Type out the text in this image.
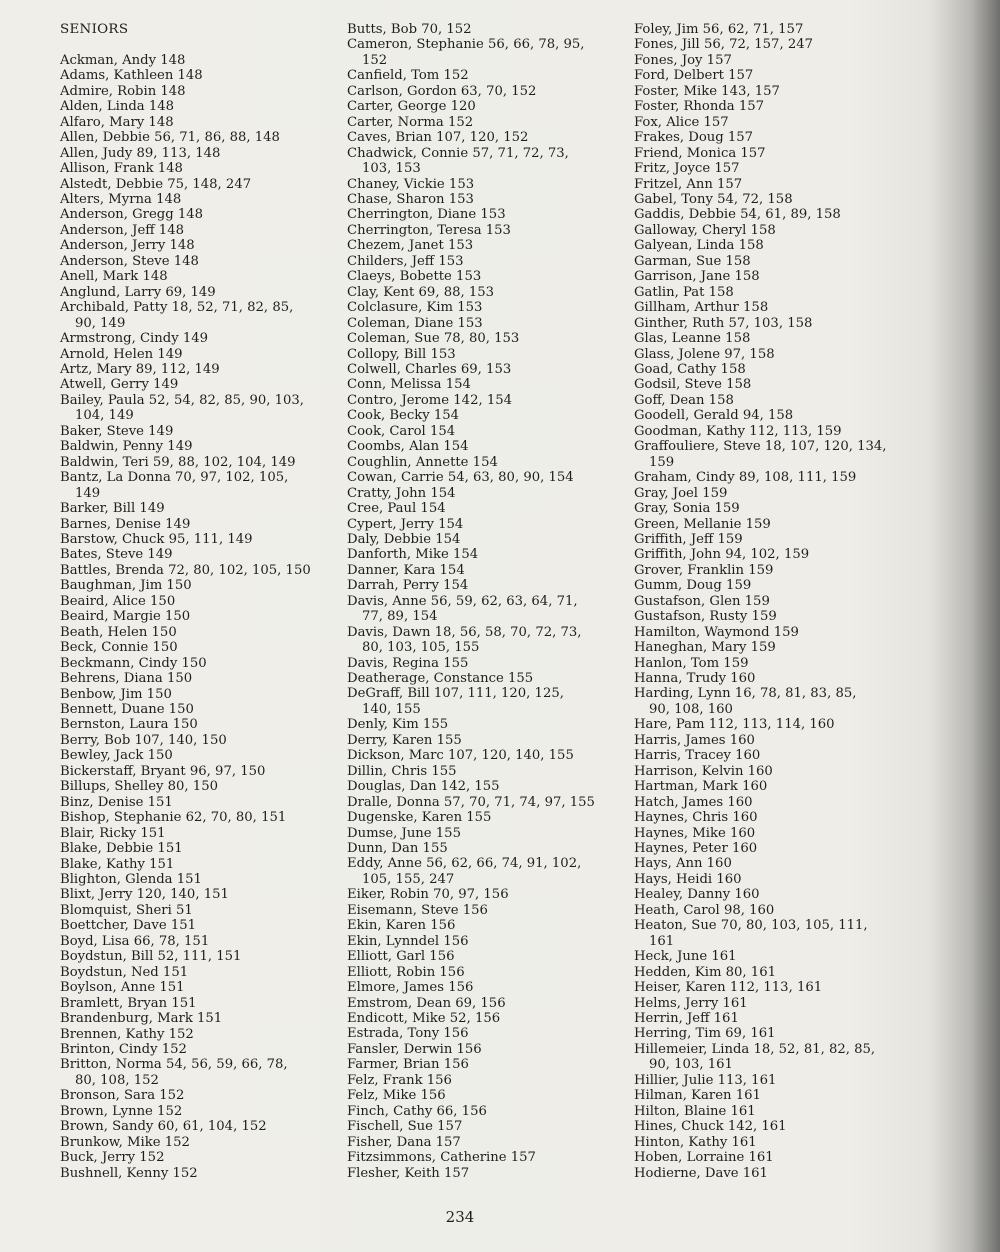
SENIORS
Ackman, Andy 148
Adams, Kathleen 148
Admire, Robin 148
Alden, Linda 148
Alfaro, Mary 148
Allen, Debbie 56, 71, 86, 88, 148
Allen, Judy 89, 113, 148
Allison, Frank 148
Alstedt, Debbie 75, 148, 247
Alters, Myrna 148
Anderson, Gregg 148
Anderson, Jeff 148
Anderson, Jerry 148
Anderson, Steve 148
Anell, Mark 148
Anglund, Larry 69, 149
Archibald, Patty 18, 52, 71, 82, 85,
90, 149
Armstrong, Cindy 149
Arnold, Helen 149
Artz, Mary 89, 112, 149
Atwell, Gerry 149
Bailey, Paula 52, 54, 82, 85, 90, 103,
104, 149
Baker, Steve 149
Baldwin, Penny 149
Baldwin, Teri 59, 88, 102, 104, 149
Bantz, La Donna 70, 97, 102, 105,
149
Barker, Bill 149
Barnes, Denise 149
Barstow, Chuck 95, 111, 149
Bates, Steve 149
Battles, Brenda 72, 80, 102, 105, 150
Baughman, Jim 150
Beaird, Alice 150
Beaird, Margie 150
Beath, Helen 150
Beck, Connie 150
Beckmann, Cindy 150
Behrens, Diana 150
Benbow, Jim 150
Bennett, Duane 150
Bernston, Laura 150
Berry, Bob 107, 140, 150
Bewley, Jack 150
Bickerstaff, Bryant 96, 97, 150
Billups, Shelley 80, 150
Binz, Denise 151
Bishop, Stephanie 62, 70, 80, 151
Blair, Ricky 151
Blake, Debbie 151
Blake, Kathy 151
Blighton, Glenda 151
Blixt, Jerry 120, 140, 151
Blomquist, Sheri 51
Boettcher, Dave 151
Boyd, Lisa 66, 78, 151
Boydstun, Bill 52, 111, 151
Boydstun, Ned 151
Boylson, Anne 151
Bramlett, Bryan 151
Brandenburg, Mark 151
Brennen, Kathy 152
Brinton, Cindy 152
Britton, Norma 54, 56, 59, 66, 78,
80, 108, 152
Bronson, Sara 152
Brown, Lynne 152
Brown, Sandy 60, 61, 104, 152
Brunkow, Mike 152
Buck, Jerry 152
Bushnell, Kenny 152
Butts, Bob 70, 152
Cameron, Stephanie 56, 66, 78, 95,
152
Canfield, Tom 152
Carlson, Gordon 63, 70, 152
Carter, George 120
Carter, Norma 152
Caves, Brian 107, 120, 152
Chadwick, Connie 57, 71, 72, 73,
103, 153
Chaney, Vickie 153
Chase, Sharon 153
Cherrington, Diane 153
Cherrington, Teresa 153
Chezem, Janet 153
Childers, Jeff 153
Claeys, Bobette 153
Clay, Kent 69, 88, 153
Colclasure, Kim 153
Coleman, Diane 153
Coleman, Sue 78, 80, 153
Collopy, Bill 153
Colwell, Charles 69, 153
Conn, Melissa 154
Contro, Jerome 142, 154
Cook, Becky 154
Cook, Carol 154
Coombs, Alan 154
Coughlin, Annette 154
Cowan, Carrie 54, 63, 80, 90, 154
Cratty, John 154
Cree, Paul 154
Cypert, Jerry 154
Daly, Debbie 154
Danforth, Mike 154
Danner, Kara 154
Darrah, Perry 154
Davis, Anne 56, 59, 62, 63, 64, 71,
77, 89, 154
Davis, Dawn 18, 56, 58, 70, 72, 73,
80, 103, 105, 155
Davis, Regina 155
Deatherage, Constance 155
DeGraff, Bill 107, 111, 120, 125,
140, 155
Denly, Kim 155
Derry, Karen 155
Dickson, Marc 107, 120, 140, 155
Dillin, Chris 155
Douglas, Dan 142, 155
Dralle, Donna 57, 70, 71, 74, 97, 155
Dugenske, Karen 155
Dumse, June 155
Dunn, Dan 155
Eddy, Anne 56, 62, 66, 74, 91, 102,
105, 155, 247
Eiker, Robin 70, 97, 156
Eisemann, Steve 156
Ekin, Karen 156
Ekin, Lynndel 156
Elliott, Garl 156
Elliott, Robin 156
Elmore, James 156
Emstrom, Dean 69, 156
Endicott, Mike 52, 156
Estrada, Tony 156
Fansler, Derwin 156
Farmer, Brian 156
Felz, Frank 156
Felz, Mike 156
Finch, Cathy 66, 156
Fischell, Sue 157
Fisher, Dana 157
Fitzsimmons, Catherine 157
Flesher, Keith 157
Foley, Jim 56, 62, 71, 157
Fones, Jill 56, 72, 157, 247
Fones, Joy 157
Ford, Delbert 157
Foster, Mike 143, 157
Foster, Rhonda 157
Fox, Alice 157
Frakes, Doug 157
Friend, Monica 157
Fritz, Joyce 157
Fritzel, Ann 157
Gabel, Tony 54, 72, 158
Gaddis, Debbie 54, 61, 89, 158
Galloway, Cheryl 158
Galyean, Linda 158
Garman, Sue 158
Garrison, Jane 158
Gatlin, Pat 158
Gillham, Arthur 158
Ginther, Ruth 57, 103, 158
Glas, Leanne 158
Glass, Jolene 97, 158
Goad, Cathy 158
Godsil, Steve 158
Goff, Dean 158
Goodell, Gerald 94, 158
Goodman, Kathy 112, 113, 159
Graffouliere, Steve 18, 107, 120, 134,
159
Graham, Cindy 89, 108, 111, 159
Gray, Joel 159
Gray, Sonia 159
Green, Mellanie 159
Griffith, Jeff 159
Griffith, John 94, 102, 159
Grover, Franklin 159
Gumm, Doug 159
Gustafson, Glen 159
Gustafson, Rusty 159
Hamilton, Waymond 159
Haneghan, Mary 159
Hanlon, Tom 159
Hanna, Trudy 160
Harding, Lynn 16, 78, 81, 83, 85,
90, 108, 160
Hare, Pam 112, 113, 114, 160
Harris, James 160
Harris, Tracey 160
Harrison, Kelvin 160
Hartman, Mark 160
Hatch, James 160
Haynes, Chris 160
Haynes, Mike 160
Haynes, Peter 160
Hays, Ann 160
Hays, Heidi 160
Healey, Danny 160
Heath, Carol 98, 160
Heaton, Sue 70, 80, 103, 105, 111,
161
Heck, June 161
Hedden, Kim 80, 161
Heiser, Karen 112, 113, 161
Helms, Jerry 161
Herrin, Jeff 161
Herring, Tim 69, 161
Hillemeier, Linda 18, 52, 81, 82, 85,
90, 103, 161
Hillier, Julie 113, 161
Hilman, Karen 161
Hilton, Blaine 161
Hines, Chuck 142, 161
Hinton, Kathy 161
Hoben, Lorraine 161
Hodierne, Dave 161
234
